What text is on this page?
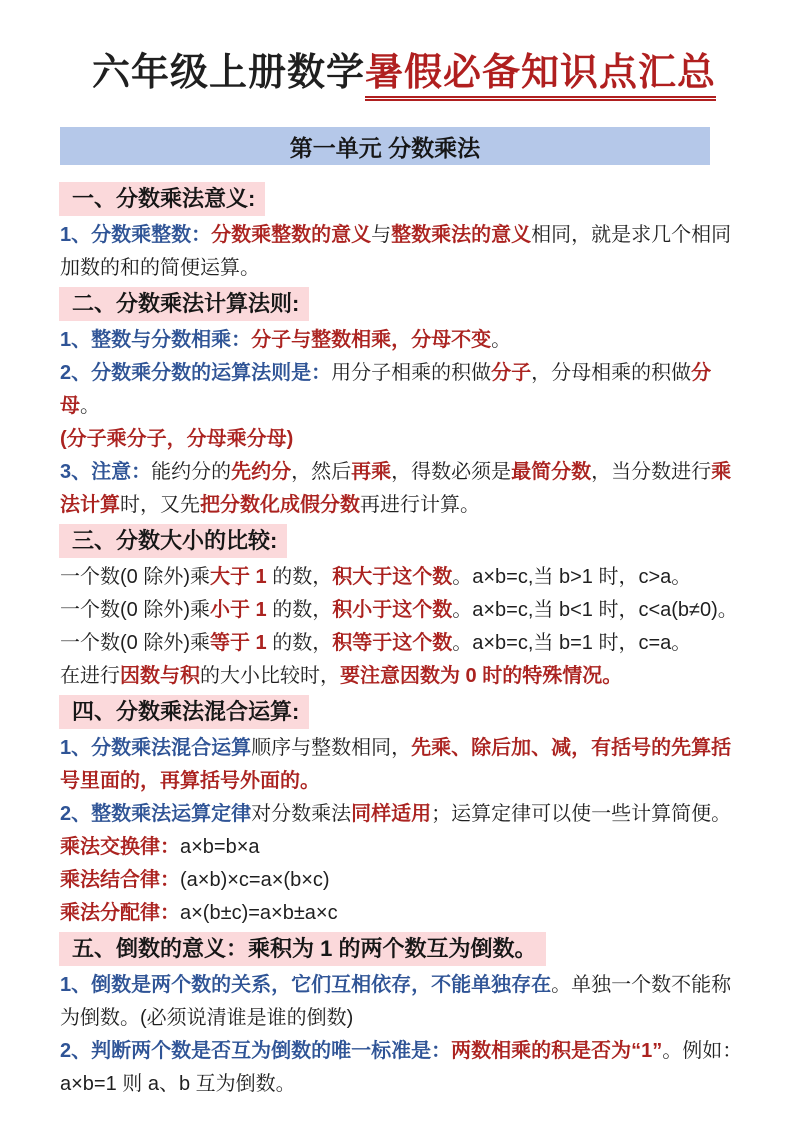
六年级上册数学暑假必备知识点汇总
第一单元 分数乘法
一、分数乘法意义:
1、分数乘整数：分数乘整数的意义与整数乘法的意义相同，就是求几个相同加数的和的简便运算。
二、分数乘法计算法则:
1、整数与分数相乘：分子与整数相乘，分母不变。
2、分数乘分数的运算法则是：用分子相乘的积做分子，分母相乘的积做分母。
(分子乘分子，分母乘分母)
3、注意：能约分的先约分，然后再乘，得数必须是最简分数，当分数进行乘法计算时，又先把分数化成假分数再进行计算。
三、分数大小的比较:
一个数(0 除外)乘大于 1 的数，积大于这个数。a×b=c,当 b>1 时，c>a。
一个数(0 除外)乘小于 1 的数，积小于这个数。a×b=c,当 b<1 时，c<a(b≠0)。
一个数(0 除外)乘等于 1 的数，积等于这个数。a×b=c,当 b=1 时，c=a。
在进行因数与积的大小比较时，要注意因数为 0 时的特殊情况。
四、分数乘法混合运算:
1、分数乘法混合运算顺序与整数相同，先乘、除后加、减，有括号的先算括号里面的，再算括号外面的。
2、整数乘法运算定律对分数乘法同样适用；运算定律可以使一些计算简便。
乘法交换律：a×b=b×a
乘法结合律：(a×b)×c=a×(b×c)
乘法分配律：a×(b±c)=a×b±a×c
五、倒数的意义：乘积为 1 的两个数互为倒数。
1、倒数是两个数的关系，它们互相依存，不能单独存在。单独一个数不能称为倒数。(必须说清谁是谁的倒数)
2、判断两个数是否互为倒数的唯一标准是：两数相乘的积是否为“1”。例如：
a×b=1 则 a、b 互为倒数。
